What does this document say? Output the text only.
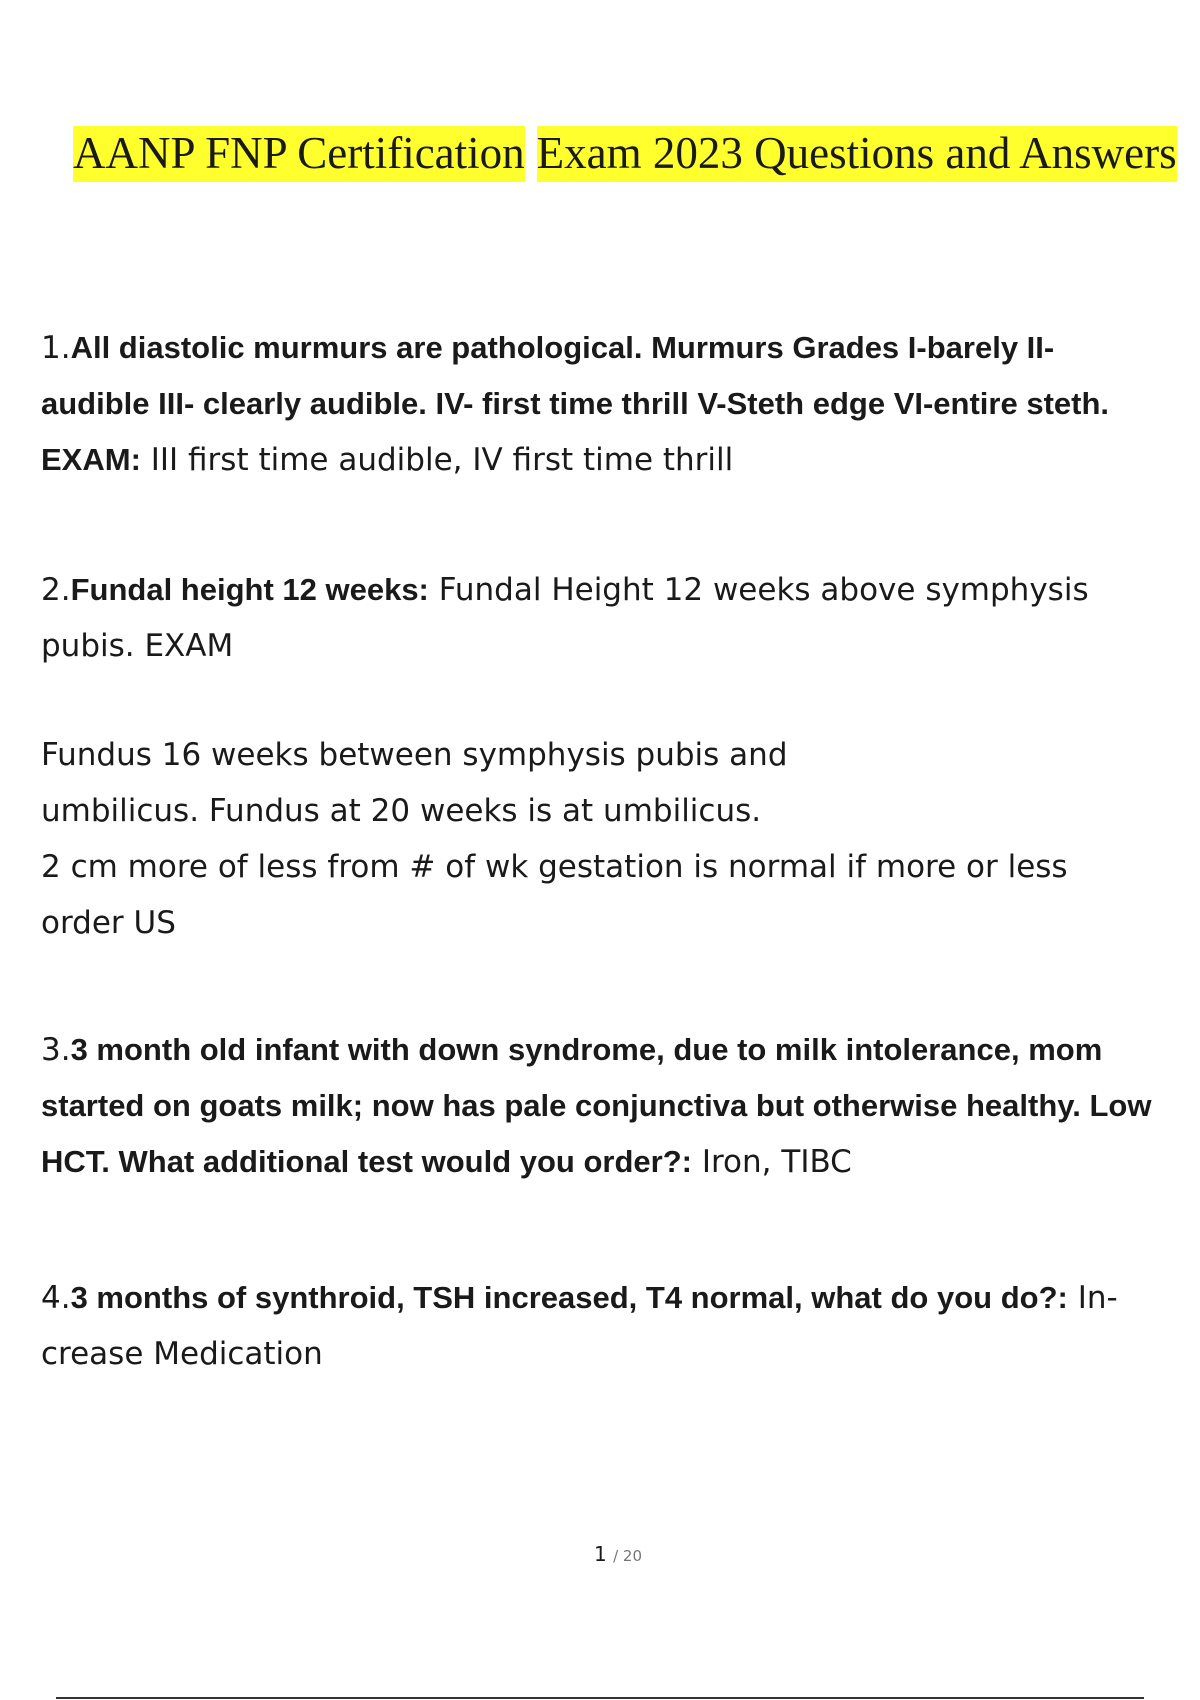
AANP FNP Certification Exam 2023 Questions and Answers

1.All diastolic murmurs are pathological. Murmurs Grades I-barely II-audible III- clearly audible. IV- first time thrill V-Steth edge VI-entire steth. EXAM: III first time audible, IV first time thrill

2.Fundal height 12 weeks: Fundal Height 12 weeks above symphysis pubis. EXAM

Fundus 16 weeks between symphysis pubis and
umbilicus. Fundus at 20 weeks is at umbilicus.
2 cm more of less from # of wk gestation is normal if more or less order US

3.3 month old infant with down syndrome, due to milk intolerance, mom started on goats milk; now has pale conjunctiva but otherwise healthy. Low HCT. What additional test would you order?: Iron, TIBC

4.3 months of synthroid, TSH increased, T4 normal, what do you do?: In- crease Medication

1 / 20
